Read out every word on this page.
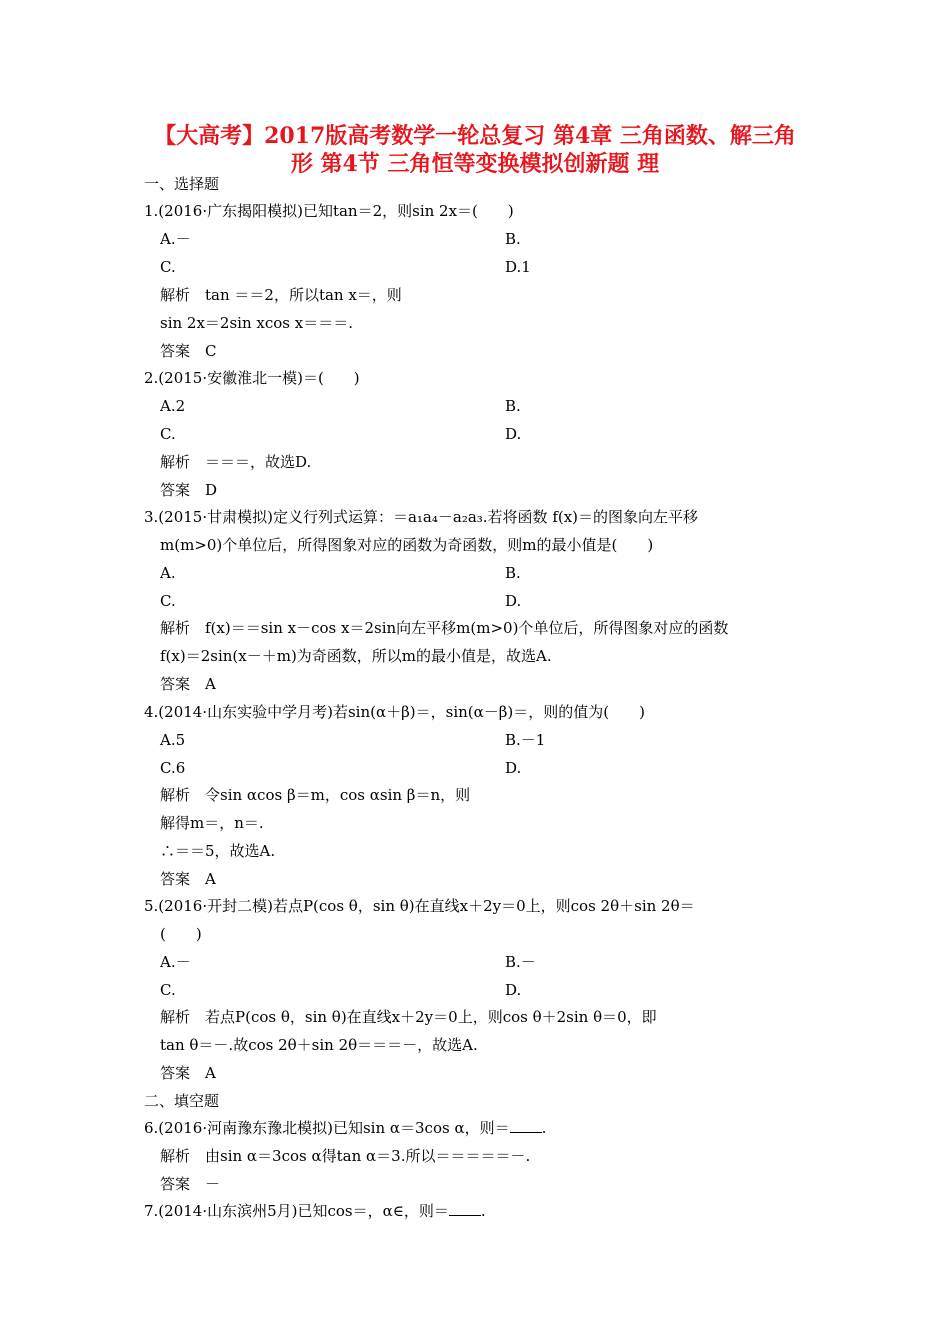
【大高考】2017版高考数学一轮总复习 第4章 三角函数、解三角
形 第4节 三角恒等变换模拟创新题 理
一、选择题
1.(2016·广东揭阳模拟)已知tan＝2，则sin 2x＝(　　)
A.－	B.
C.	D.1
解析　tan ＝＝2，所以tan x＝，则
sin 2x＝2sin xcos x＝＝＝.
答案　C
2.(2015·安徽淮北一模)＝(　　)
A.2	B.
C.	D.
解析　＝＝＝，故选D.
答案　D
3.(2015·甘肃模拟)定义行列式运算：＝a₁a₄－a₂a₃.若将函数 f(x)＝的图象向左平移
m(m>0)个单位后，所得图象对应的函数为奇函数，则m的最小值是(　　)
A.	B.
C.	D.
解析　f(x)＝＝sin x－cos x＝2sin向左平移m(m>0)个单位后，所得图象对应的函数
f(x)＝2sin(x－＋m)为奇函数，所以m的最小值是，故选A.
答案　A
4.(2014·山东实验中学月考)若sin(α＋β)＝，sin(α－β)＝，则的值为(　　)
A.5	B.－1
C.6	D.
解析　令sin αcos β＝m，cos αsin β＝n，则
解得m＝，n＝.
∴＝＝5，故选A.
答案　A
5.(2016·开封二模)若点P(cos θ，sin θ)在直线x＋2y＝0上，则cos 2θ＋sin 2θ＝
(　　)
A.－	B.－
C.	D.
解析　若点P(cos θ，sin θ)在直线x＋2y＝0上，则cos θ＋2sin θ＝0，即
tan θ＝－.故cos 2θ＋sin 2θ＝＝＝－，故选A.
答案　A
二、填空题
6.(2016·河南豫东豫北模拟)已知sin α＝3cos α，则＝ .
解析　由sin α＝3cos α得tan α＝3.所以＝＝＝＝＝－.
答案　－
7.(2014·山东滨州5月)已知cos＝，α∈，则＝ .
